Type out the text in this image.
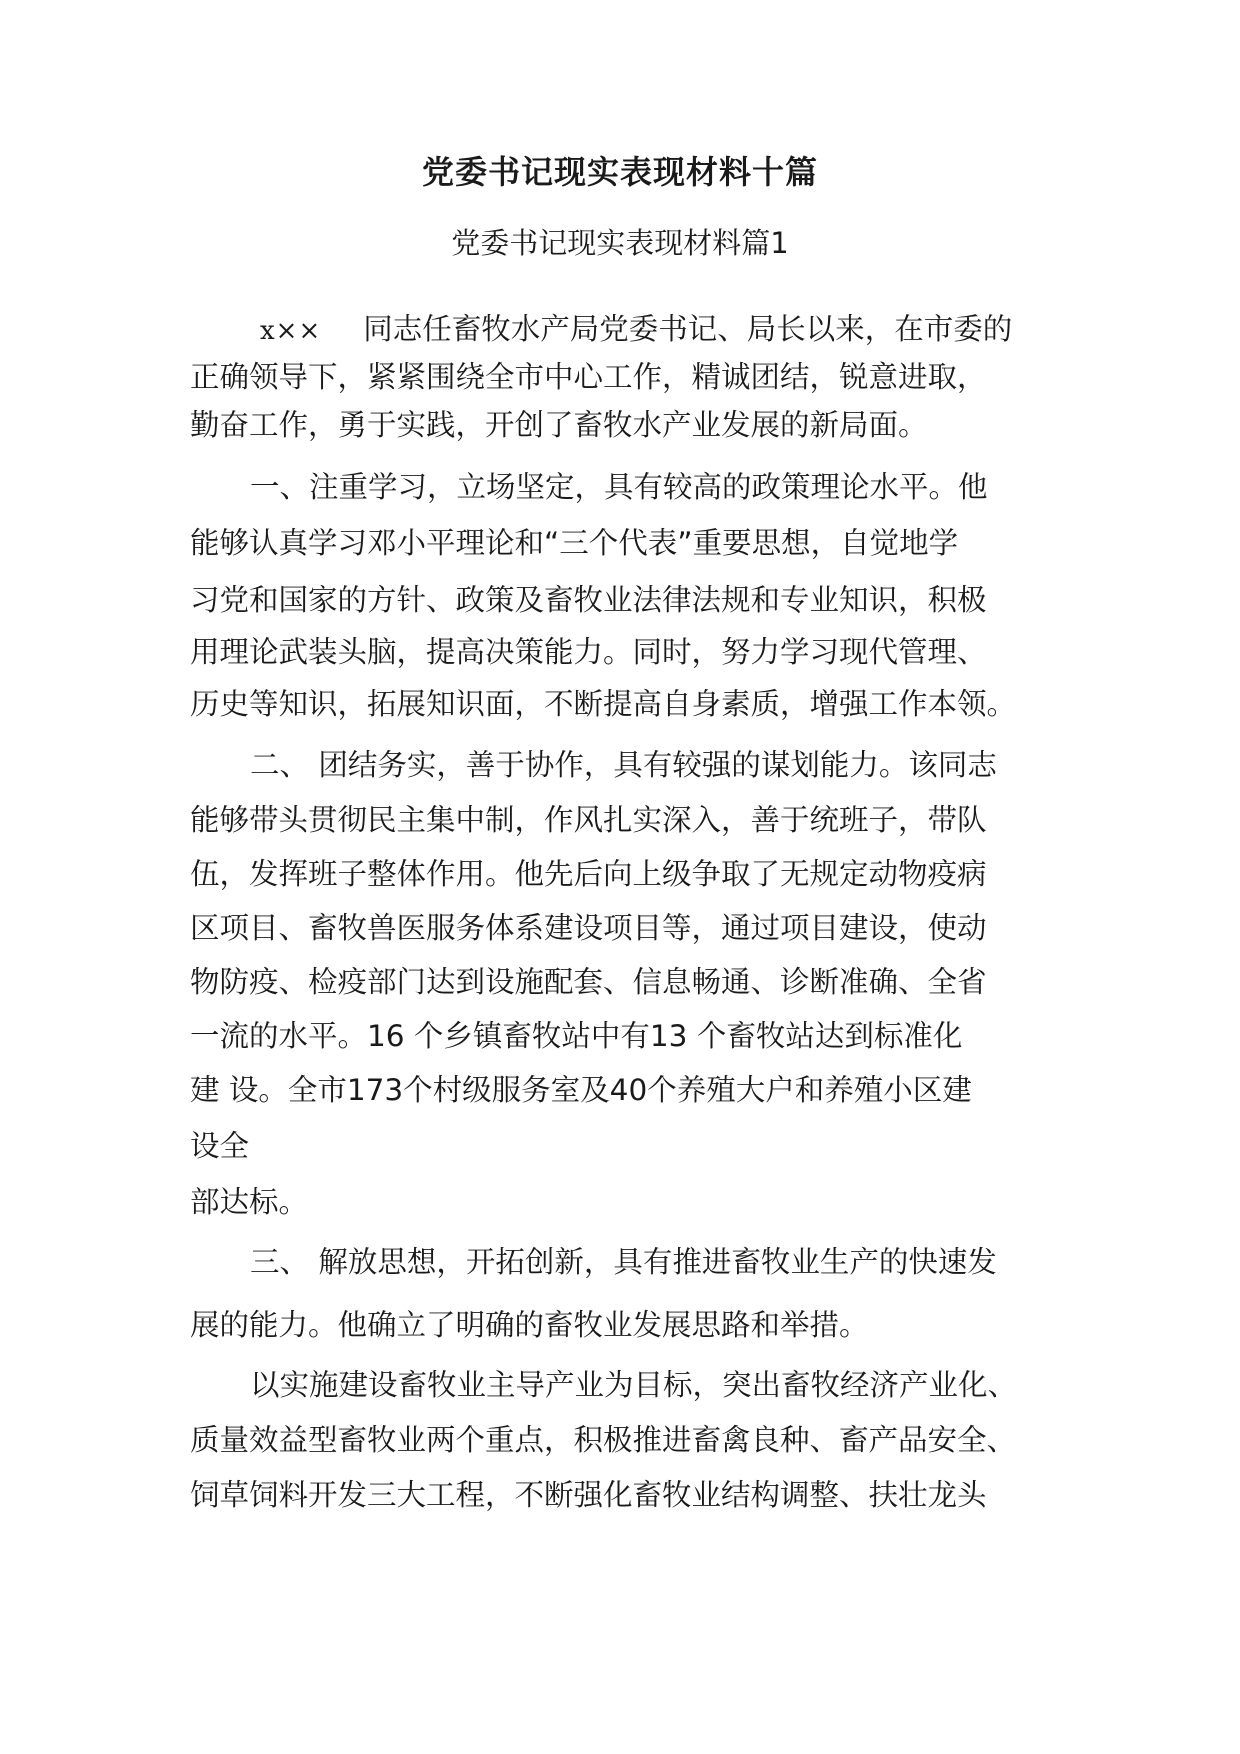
党委书记现实表现材料十篇
党委书记现实表现材料篇1
x×× 同志任畜牧水产局党委书记、局长以来，在市委的
正确领导下，紧紧围绕全市中心工作，精诚团结，锐意进取，
勤奋工作，勇于实践，开创了畜牧水产业发展的新局面。
一、注重学习，立场坚定，具有较高的政策理论水平。他
能够认真学习邓小平理论和“三个代表”重要思想，自觉地学
习党和国家的方针、政策及畜牧业法律法规和专业知识，积极
用理论武装头脑，提高决策能力。同时，努力学习现代管理、
历史等知识，拓展知识面，不断提高自身素质，增强工作本领。
二、 团结务实，善于协作，具有较强的谋划能力。该同志
能够带头贯彻民主集中制，作风扎实深入，善于统班子，带队
伍，发挥班子整体作用。他先后向上级争取了无规定动物疫病
区项目、畜牧兽医服务体系建设项目等，通过项目建设，使动
物防疫、检疫部门达到设施配套、信息畅通、诊断准确、全省
一流的水平。16 个乡镇畜牧站中有13 个畜牧站达到标准化
建 设。全市173个村级服务室及40个养殖大户和养殖小区建
设全
部达标。
三、 解放思想，开拓创新，具有推进畜牧业生产的快速发
展的能力。他确立了明确的畜牧业发展思路和举措。
以实施建设畜牧业主导产业为目标，突出畜牧经济产业化、
质量效益型畜牧业两个重点，积极推进畜禽良种、畜产品安全、
饲草饲料开发三大工程，不断强化畜牧业结构调整、扶壮龙头
